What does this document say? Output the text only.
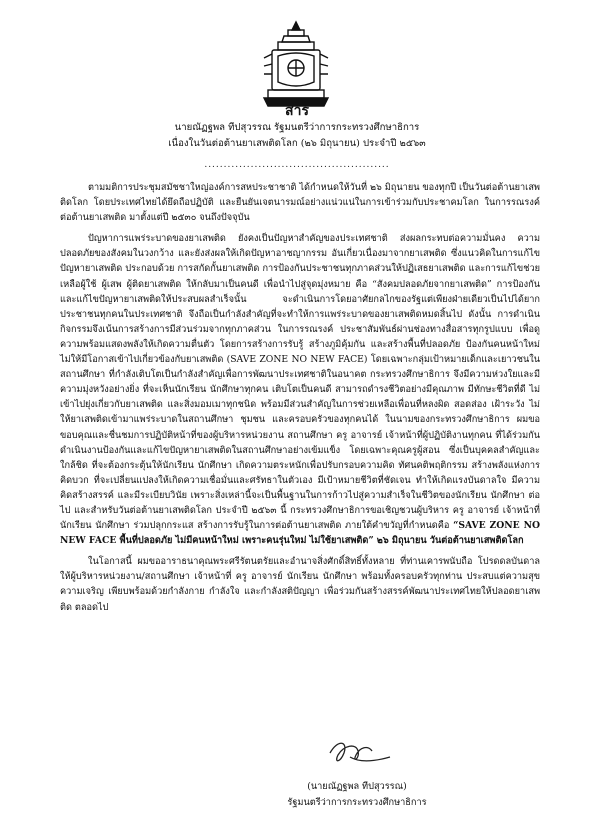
สาร
นายณัฏฐพล ทีปสุวรรณ รัฐมนตรีว่าการกระทรวงศึกษาธิการ
เนื่องในวันต่อต้านยาเสพติดโลก (๒๖ มิถุนายน) ประจำปี ๒๕๖๓
................................................

ตามมติการประชุมสมัชชาใหญ่องค์การสหประชาชาติ ได้กำหนดให้วันที่ ๒๖ มิถุนายน ของทุกปี เป็นวันต่อต้านยาเสพติดโลก โดยประเทศไทยได้ยึดถือปฏิบัติ และยืนยันเจตนารมณ์อย่างแน่วแน่ในการเข้าร่วมกับประชาคมโลก ในการรณรงค์ต่อต้านยาเสพติด มาตั้งแต่ปี ๒๕๓๐ จนถึงปัจจุบัน

ปัญหาการแพร่ระบาดของยาเสพติด ยังคงเป็นปัญหาสำคัญของประเทศชาติ ส่งผลกระทบต่อความมั่นคง ความปลอดภัยของสังคมในวงกว้าง และยังส่งผลให้เกิดปัญหาอาชญากรรม อันเกี่ยวเนื่องมาจากยาเสพติด ซึ่งแนวคิดในการแก้ไขปัญหายาเสพติด ประกอบด้วย การสกัดกั้นยาเสพติด การป้องกันประชาชนทุกภาคส่วนให้ปฏิเสธยาเสพติด และการแก้ไขช่วยเหลือผู้ใช้ ผู้เสพ ผู้ติดยาเสพติด ให้กลับมาเป็นคนดี เพื่อนำไปสู่จุดมุ่งหมาย คือ “สังคมปลอดภัยจากยาเสพติด” การป้องกันและแก้ไขปัญหายาเสพติดให้ประสบผลสำเร็จนั้น จะดำเนินการโดยอาศัยกลไกของรัฐแต่เพียงฝ่ายเดียวเป็นไปได้ยาก ประชาชนทุกคนในประเทศชาติ จึงถือเป็นกำลังสำคัญที่จะทำให้การแพร่ระบาดของยาเสพติดหมดสิ้นไป ดังนั้น การดำเนินกิจกรรมจึงเน้นการสร้างการมีส่วนร่วมจากทุกภาคส่วน ในการรณรงค์ ประชาสัมพันธ์ผ่านช่องทางสื่อสารทุกรูปแบบ เพื่อดูความพร้อมแสดงพลังให้เกิดความตื่นตัว โดยการสร้างการรับรู้ สร้างภูมิคุ้มกัน และสร้างพื้นที่ปลอดภัย ป้องกันคนหน้าใหม่ไม่ให้มีโอกาสเข้าไปเกี่ยวข้องกับยาเสพติด (SAVE ZONE NO NEW FACE) โดยเฉพาะกลุ่มเป้าหมายเด็กและเยาวชนในสถานศึกษา ที่กำลังเติบโตเป็นกำลังสำคัญเพื่อการพัฒนาประเทศชาติในอนาคต กระทรวงศึกษาธิการ จึงมีความห่วงใยและมีความมุ่งหวังอย่างยิ่ง ที่จะเห็นนักเรียน นักศึกษาทุกคน เติบโตเป็นคนดี สามารถดำรงชีวิตอย่างมีคุณภาพ มีทักษะชีวิตที่ดี ไม่เข้าไปยุ่งเกี่ยวกับยาเสพติด และสิ่งมอมเมาทุกชนิด พร้อมมีส่วนสำคัญในการช่วยเหลือเพื่อนที่หลงผิด สอดส่อง เฝ้าระวัง ไม่ให้ยาเสพติดเข้ามาแพร่ระบาดในสถานศึกษา ชุมชน และครอบครัวของทุกคนได้ ในนามของกระทรวงศึกษาธิการ ผมขอขอบคุณและชื่นชมการปฏิบัติหน้าที่ของผู้บริหารหน่วยงาน สถานศึกษา ครู อาจารย์ เจ้าหน้าที่ผู้ปฏิบัติงานทุกคน ที่ได้ร่วมกันดำเนินงานป้องกันและแก้ไขปัญหายาเสพติดในสถานศึกษาอย่างเข้มแข็ง โดยเฉพาะคุณครูผู้สอน ซึ่งเป็นบุคคลสำคัญและใกล้ชิด ที่จะต้องกระตุ้นให้นักเรียน นักศึกษา เกิดความตระหนักเพื่อปรับกรอบความคิด ทัศนคติพฤติกรรม สร้างพลังแห่งการคิดบวก ที่จะเปลี่ยนแปลงให้เกิดความเชื่อมั่นและศรัทธาในตัวเอง มีเป้าหมายชีวิตที่ชัดเจน ทำให้เกิดแรงบันดาลใจ มีความคิดสร้างสรรค์ และมีระเบียบวินัย เพราะสิ่งเหล่านี้จะเป็นพื้นฐานในการก้าวไปสู่ความสำเร็จในชีวิตของนักเรียน นักศึกษา ต่อไป และสำหรับวันต่อต้านยาเสพติดโลก ประจำปี ๒๕๖๓ นี้ กระทรวงศึกษาธิการขอเชิญชวนผู้บริหาร ครู อาจารย์ เจ้าหน้าที่ นักเรียน นักศึกษา ร่วมปลุกกระแส สร้างการรับรู้ในการต่อต้านยาเสพติด ภายใต้คำขวัญที่กำหนดคือ “SAVE ZONE NO NEW FACE พื้นที่ปลอดภัย ไม่มีคนหน้าใหม่ เพราะคนรุ่นใหม่ ไม่ใช้ยาเสพติด” ๒๖ มิถุนายน วันต่อต้านยาเสพติดโลก

ในโอกาสนี้ ผมขออาราธนาคุณพระศรีรัตนตรัยและอำนาจสิ่งศักดิ์สิทธิ์ทั้งหลาย ที่ท่านเคารพนับถือ โปรดดลบันดาลให้ผู้บริหารหน่วยงาน/สถานศึกษา เจ้าหน้าที่ ครู อาจารย์ นักเรียน นักศึกษา พร้อมทั้งครอบครัวทุกท่าน ประสบแต่ความสุข ความเจริญ เพียบพร้อมด้วยกำลังกาย กำลังใจ และกำลังสติปัญญา เพื่อร่วมกันสร้างสรรค์พัฒนาประเทศไทยให้ปลอดยาเสพติด ตลอดไป

(นายณัฏฐพล ทีปสุวรรณ)
รัฐมนตรีว่าการกระทรวงศึกษาธิการ
